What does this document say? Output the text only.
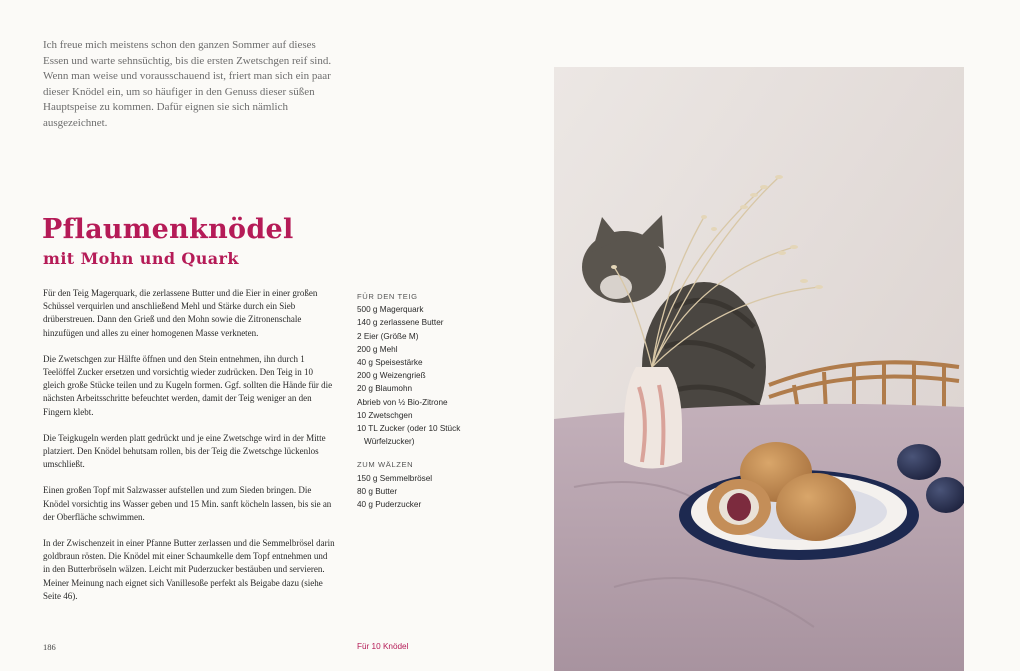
Ich freue mich meistens schon den ganzen Sommer auf dieses Essen und warte sehnsüchtig, bis die ersten Zwetschgen reif sind. Wenn man weise und vorausschauend ist, friert man sich ein paar dieser Knödel ein, um so häufiger in den Genuss dieser süßen Hauptspeise zu kommen. Dafür eignen sie sich nämlich ausgezeichnet.
Pflaumenknödel
mit Mohn und Quark

Für den Teig Magerquark, die zerlassene Butter und die Eier in einer großen Schüssel verquirlen und anschließend Mehl und Stärke durch ein Sieb drüberstreuen. Dann den Grieß und den Mohn sowie die Zitronenschale hinzufügen und alles zu einer homogenen Masse verkneten.

Die Zwetschgen zur Hälfte öffnen und den Stein entnehmen, ihn durch 1 Teelöffel Zucker ersetzen und vorsichtig wieder zudrücken. Den Teig in 10 gleich große Stücke teilen und zu Kugeln formen. Ggf. sollten die Hände für die nächsten Arbeitsschritte befeuchtet werden, damit der Teig weniger an den Fingern klebt.

Die Teigkugeln werden platt gedrückt und je eine Zwetschge wird in der Mitte platziert. Den Knödel behutsam rollen, bis der Teig die Zwetschge lückenlos umschließt.

Einen großen Topf mit Salzwasser aufstellen und zum Sieden bringen. Die Knödel vorsichtig ins Wasser geben und 15 Min. sanft köcheln lassen, bis sie an der Oberfläche schwimmen.

In der Zwischenzeit in einer Pfanne Butter zerlassen und die Semmelbrösel darin goldbraun rösten. Die Knödel mit einer Schaumkelle dem Topf entnehmen und in den Butterbröseln wälzen. Leicht mit Puderzucker bestäuben und servieren. Meiner Meinung nach eignet sich Vanillesoße perfekt als Beigabe dazu (siehe Seite 46).

FÜR DEN TEIG
500 g Magerquark
140 g zerlassene Butter
2 Eier (Größe M)
200 g Mehl
40 g Speisestärke
200 g Weizengrieß
20 g Blaumohn
Abrieb von ½ Bio-Zitrone
10 Zwetschgen
10 TL Zucker (oder 10 Stück Würfelzucker)
ZUM WÄLZEN
150 g Semmelbrösel
80 g Butter
40 g Puderzucker
186	Für 10 Knödel
